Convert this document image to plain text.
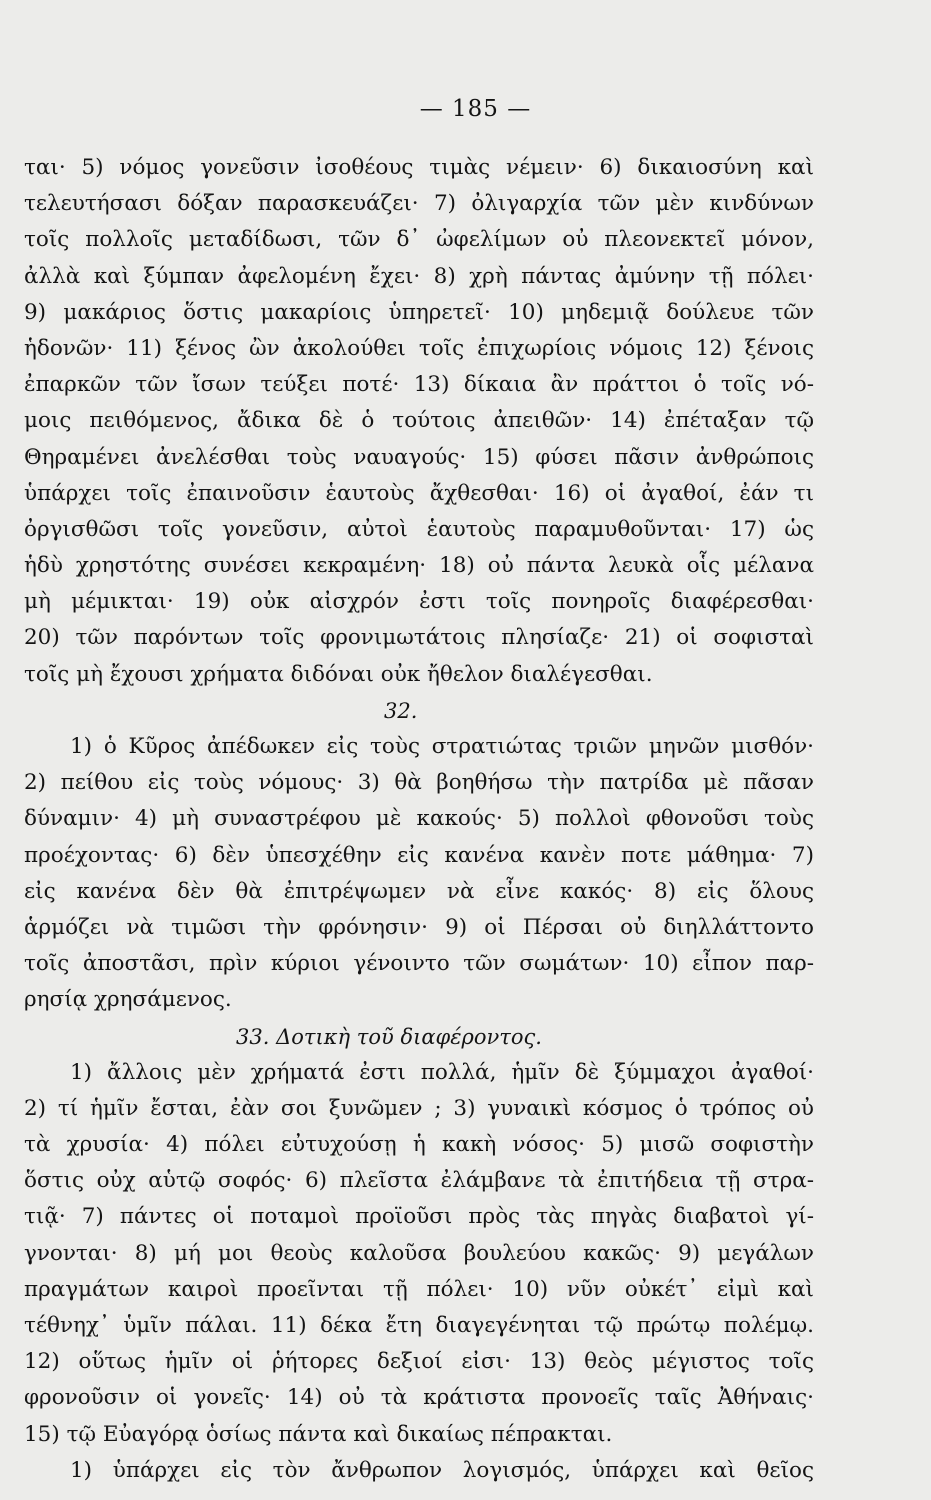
— 185 —
ται· 5) νόμος γονεῦσιν ἰσοθέους τιμὰς νέμειν· 6) δικαιοσύνη καὶ
τελευτήσασι δόξαν παρασκευάζει· 7) ὀλιγαρχία τῶν μὲν κινδύνων
τοῖς πολλοῖς μεταδίδωσι, τῶν δ᾽ ὠφελίμων οὐ πλεονεκτεῖ μόνον,
ἀλλὰ καὶ ξύμπαν ἀφελομένη ἔχει· 8) χρὴ πάντας ἀμύνην τῇ πόλει·
9) μακάριος ὅστις μακαρίοις ὑπηρετεῖ· 10) μηδεμιᾷ δούλευε τῶν
ἡδονῶν· 11) ξένος ὢν ἀκολούθει τοῖς ἐπιχωρίοις νόμοις 12) ξένοις
ἐπαρκῶν τῶν ἴσων τεύξει ποτέ· 13) δίκαια ἂν πράττοι ὁ τοῖς νό-
μοις πειθόμενος, ἄδικα δὲ ὁ τούτοις ἀπειθῶν· 14) ἐπέταξαν τῷ
Θηραμένει ἀνελέσθαι τοὺς ναυαγούς· 15) φύσει πᾶσιν ἀνθρώποις
ὑπάρχει τοῖς ἐπαινοῦσιν ἑαυτοὺς ἄχθεσθαι· 16) οἱ ἀγαθοί, ἐάν τι
ὀργισθῶσι τοῖς γονεῦσιν, αὐτοὶ ἑαυτοὺς παραμυθοῦνται· 17) ὡς
ἡδὺ χρηστότης συνέσει κεκραμένη· 18) οὐ πάντα λευκὰ οἷς μέλανα
μὴ μέμικται· 19) οὐκ αἰσχρόν ἐστι τοῖς πονηροῖς διαφέρεσθαι·
20) τῶν παρόντων τοῖς φρονιμωτάτοις πλησίαζε· 21) οἱ σοφισταὶ
τοῖς μὴ ἔχουσι χρήματα διδόναι οὐκ ἤθελον διαλέγεσθαι.
32.
1) ὁ Κῦρος ἀπέδωκεν εἰς τοὺς στρατιώτας τριῶν μηνῶν μισθόν·
2) πείθου εἰς τοὺς νόμους· 3) θὰ βοηθήσω τὴν πατρίδα μὲ πᾶσαν
δύναμιν· 4) μὴ συναστρέφου μὲ κακούς· 5) πολλοὶ φθονοῦσι τοὺς
προέχοντας· 6) δὲν ὑπεσχέθην εἰς κανένα κανὲν ποτε μάθημα· 7)
εἰς κανένα δὲν θὰ ἐπιτρέψωμεν νὰ εἶνε κακός· 8) εἰς ὅλους
ἁρμόζει νὰ τιμῶσι τὴν φρόνησιν· 9) οἱ Πέρσαι οὐ διηλλάττοντο
τοῖς ἀποστᾶσι, πρὶν κύριοι γένοιντο τῶν σωμάτων· 10) εἶπον παρ-
ρησίᾳ χρησάμενος.
33. Δοτικὴ τοῦ διαφέροντος.
1) ἄλλοις μὲν χρήματά ἐστι πολλά, ἡμῖν δὲ ξύμμαχοι ἀγαθοί·
2) τί ἡμῖν ἔσται, ἐὰν σοι ξυνῶμεν ; 3) γυναικὶ κόσμος ὁ τρόπος οὐ
τὰ χρυσία· 4) πόλει εὐτυχούσῃ ἡ κακὴ νόσος· 5) μισῶ σοφιστὴν
ὅστις οὐχ αὑτῷ σοφός· 6) πλεῖστα ἐλάμβανε τὰ ἐπιτήδεια τῇ στρα-
τιᾷ· 7) πάντες οἱ ποταμοὶ προϊοῦσι πρὸς τὰς πηγὰς διαβατοὶ γί-
γνονται· 8) μή μοι θεοὺς καλοῦσα βουλεύου κακῶς· 9) μεγάλων
πραγμάτων καιροὶ προεῖνται τῇ πόλει· 10) νῦν οὐκέτ᾽ εἰμὶ καὶ
τέθνηχ᾽ ὑμῖν πάλαι. 11) δέκα ἔτη διαγεγένηται τῷ πρώτῳ πολέμῳ.
12) οὕτως ἡμῖν οἱ ῥήτορες δεξιοί εἰσι· 13) θεὸς μέγιστος τοῖς
φρονοῦσιν οἱ γονεῖς· 14) οὐ τὰ κράτιστα προνοεῖς ταῖς Ἀθήναις·
15) τῷ Εὐαγόρᾳ ὁσίως πάντα καὶ δικαίως πέπρακται.
1) ὑπάρχει εἰς τὸν ἄνθρωπον λογισμός, ὑπάρχει καὶ θεῖος
